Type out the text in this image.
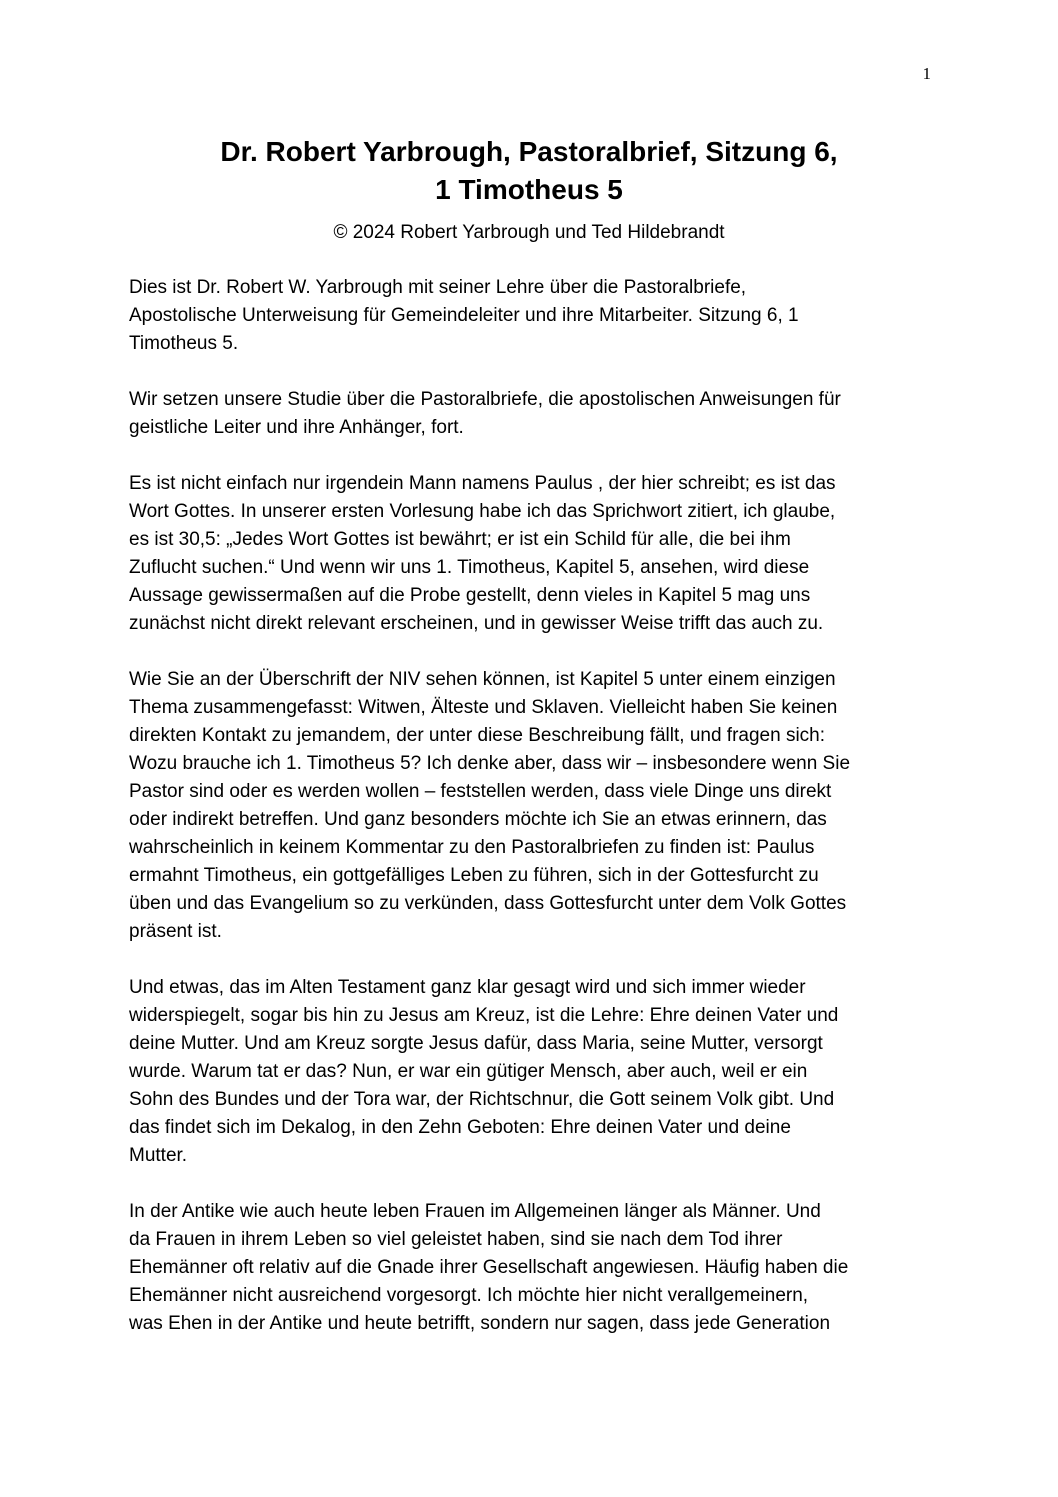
1
Dr. Robert Yarbrough, Pastoralbrief, Sitzung 6,
1 Timotheus 5
© 2024 Robert Yarbrough und Ted Hildebrandt

Dies ist Dr. Robert W. Yarbrough mit seiner Lehre über die Pastoralbriefe,
Apostolische Unterweisung für Gemeindeleiter und ihre Mitarbeiter. Sitzung 6, 1
Timotheus 5.

Wir setzen unsere Studie über die Pastoralbriefe, die apostolischen Anweisungen für
geistliche Leiter und ihre Anhänger, fort.

Es ist nicht einfach nur irgendein Mann namens Paulus , der hier schreibt; es ist das
Wort Gottes. In unserer ersten Vorlesung habe ich das Sprichwort zitiert, ich glaube,
es ist 30,5: „Jedes Wort Gottes ist bewährt; er ist ein Schild für alle, die bei ihm
Zuflucht suchen.“ Und wenn wir uns 1. Timotheus, Kapitel 5, ansehen, wird diese
Aussage gewissermaßen auf die Probe gestellt, denn vieles in Kapitel 5 mag uns
zunächst nicht direkt relevant erscheinen, und in gewisser Weise trifft das auch zu.

Wie Sie an der Überschrift der NIV sehen können, ist Kapitel 5 unter einem einzigen
Thema zusammengefasst: Witwen, Älteste und Sklaven. Vielleicht haben Sie keinen
direkten Kontakt zu jemandem, der unter diese Beschreibung fällt, und fragen sich:
Wozu brauche ich 1. Timotheus 5? Ich denke aber, dass wir – insbesondere wenn Sie
Pastor sind oder es werden wollen – feststellen werden, dass viele Dinge uns direkt
oder indirekt betreffen. Und ganz besonders möchte ich Sie an etwas erinnern, das
wahrscheinlich in keinem Kommentar zu den Pastoralbriefen zu finden ist: Paulus
ermahnt Timotheus, ein gottgefälliges Leben zu führen, sich in der Gottesfurcht zu
üben und das Evangelium so zu verkünden, dass Gottesfurcht unter dem Volk Gottes
präsent ist.

Und etwas, das im Alten Testament ganz klar gesagt wird und sich immer wieder
widerspiegelt, sogar bis hin zu Jesus am Kreuz, ist die Lehre: Ehre deinen Vater und
deine Mutter. Und am Kreuz sorgte Jesus dafür, dass Maria, seine Mutter, versorgt
wurde. Warum tat er das? Nun, er war ein gütiger Mensch, aber auch, weil er ein
Sohn des Bundes und der Tora war, der Richtschnur, die Gott seinem Volk gibt. Und
das findet sich im Dekalog, in den Zehn Geboten: Ehre deinen Vater und deine
Mutter.

In der Antike wie auch heute leben Frauen im Allgemeinen länger als Männer. Und
da Frauen in ihrem Leben so viel geleistet haben, sind sie nach dem Tod ihrer
Ehemänner oft relativ auf die Gnade ihrer Gesellschaft angewiesen. Häufig haben die
Ehemänner nicht ausreichend vorgesorgt. Ich möchte hier nicht verallgemeinern,
was Ehen in der Antike und heute betrifft, sondern nur sagen, dass jede Generation
